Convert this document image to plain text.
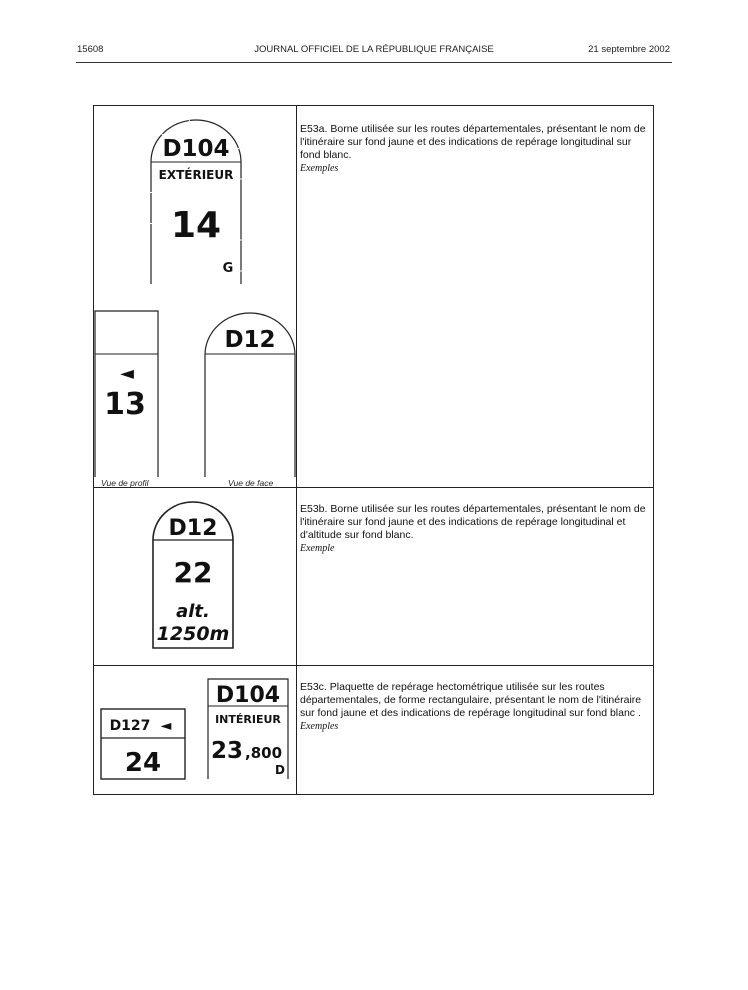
15608	JOURNAL OFFICIEL DE LA RÉPUBLIQUE FRANÇAISE	21 septembre 2002
E53a. Borne utilisée sur les routes départementales, présentant le nom de l'itinéraire sur fond jaune et des indications de repérage longitudinal sur fond blanc.
Exemples
D104
EXTÉRIEUR
14
G
◄
13
Vue de profil
D12
Vue de face
E53b. Borne utilisée sur les routes départementales, présentant le nom de l'itinéraire sur fond jaune et des indications de repérage longitudinal et d'altitude sur fond blanc.
Exemple
D12
22
alt.
1250m
E53c. Plaquette de repérage hectométrique utilisée sur les routes départementales, de forme rectangulaire, présentant le nom de l'itinéraire sur fond jaune et des indications de repérage longitudinal sur fond blanc .
Exemples
D127 ◄
24
D104
INTÉRIEUR
23 ,800
D
